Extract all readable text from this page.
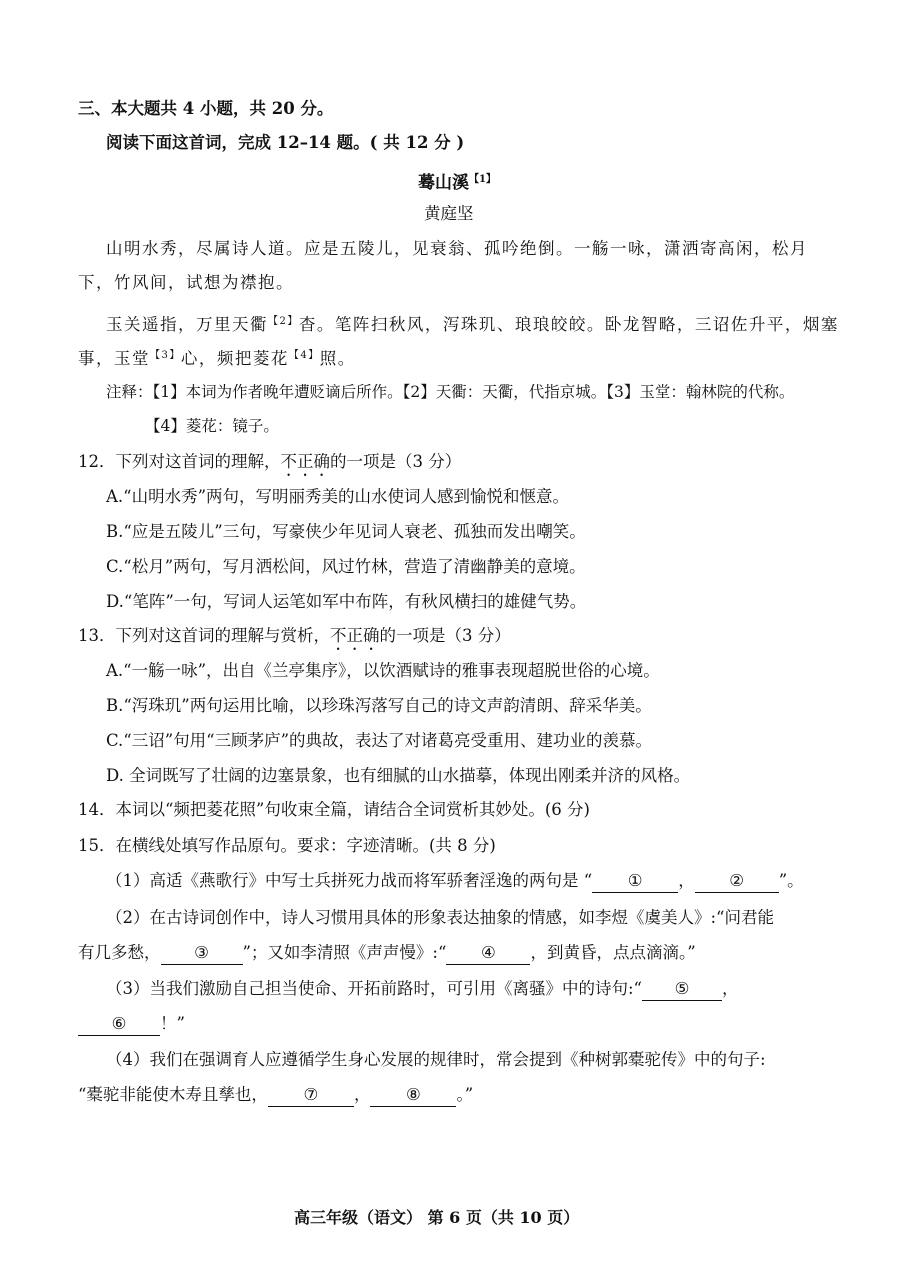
三、本大题共 4 小题，共 20 分。
阅读下面这首词，完成 12–14 题。( 共 12 分 )
蓦山溪$^{【1】}$
黄庭坚
山明水秀，尽属诗人道。应是五陵儿，见衰翁、孤吟绝倒。一觞一咏，潇洒寄高闲，松月
下，竹风间，试想为襟抱。
玉关遥指，万里天衢$^{【2】}$杳。笔阵扫秋风，泻珠玑、琅琅皎皎。卧龙智略，三诏佐升平，烟塞
事，玉堂$^{【3】}$心，频把菱花$^{【4】}$照。
注释：【1】本词为作者晚年遭贬谪后所作。【2】天衢：天衢，代指京城。【3】玉堂：翰林院的代称。
【4】菱花：镜子。
12．下列对这首词的理解，不正确的一项是（3 分）
A.“山明水秀”两句，写明丽秀美的山水使词人感到愉悦和惬意。
B.“应是五陵儿”三句，写豪侠少年见词人衰老、孤独而发出嘲笑。
C.“松月”两句，写月洒松间，风过竹林，营造了清幽静美的意境。
D.“笔阵”一句，写词人运笔如军中布阵，有秋风横扫的雄健气势。
13．下列对这首词的理解与赏析，不正确的一项是（3 分）
A.“一觞一咏”，出自《兰亭集序》，以饮酒赋诗的雅事表现超脱世俗的心境。
B.“泻珠玑”两句运用比喻，以珍珠泻落写自己的诗文声韵清朗、辞采华美。
C.“三诏”句用“三顾茅庐”的典故，表达了对诸葛亮受重用、建功业的羡慕。
D. 全词既写了壮阔的边塞景象，也有细腻的山水描摹，体现出刚柔并济的风格。
14．本词以“频把菱花照”句收束全篇，请结合全词赏析其妙处。(6 分)
15．在横线处填写作品原句。要求：字迹清晰。(共 8 分)
（1）高适《燕歌行》中写士兵拼死力战而将军骄奢淫逸的两句是 “ ① ， ② ”。
（2）在古诗词创作中，诗人习惯用具体的形象表达抽象的情感，如李煜《虞美人》:“问君能
有几多愁， ③ ”；又如李清照《声声慢》:“ ④ ，到黄昏，点点滴滴。”
（3）当我们激励自己担当使命、开拓前路时，可引用《离骚》中的诗句:“ ⑤ ，
⑥ ！”
（4）我们在强调育人应遵循学生身心发展的规律时，常会提到《种树郭橐驼传》中的句子:
“橐驼非能使木寿且孳也， ⑦ ， ⑧ 。”
高三年级（语文） 第 6 页（共 10 页）
